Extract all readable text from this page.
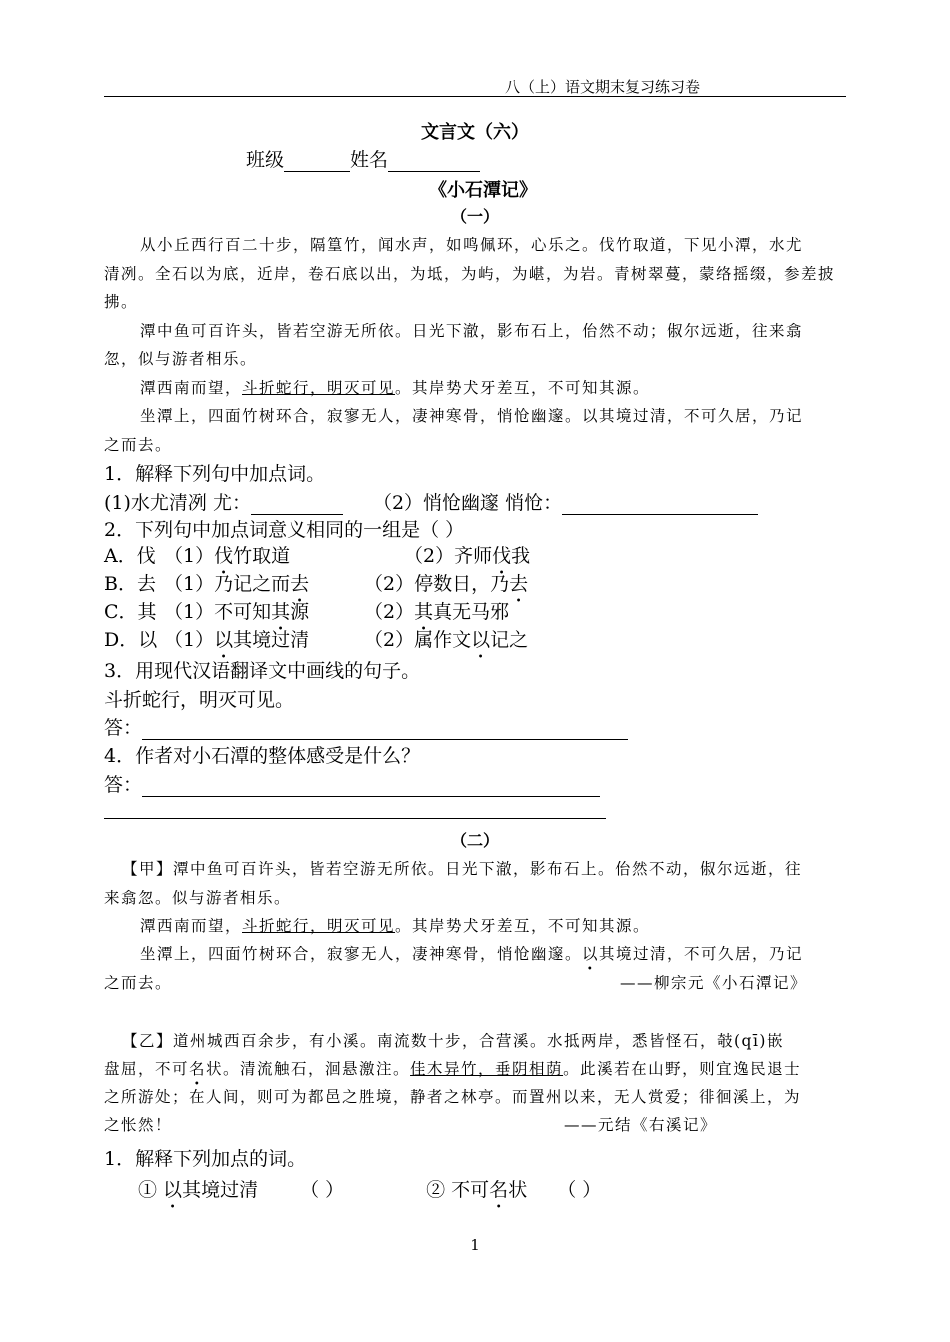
八（上）语文期末复习练习卷
文言文（六）
班级	姓名
《小石潭记》
（一）
从小丘西行百二十步，隔篁竹，闻水声，如鸣佩环，心乐之。伐竹取道，下见小潭，水尤
清冽。全石以为底，近岸，卷石底以出，为坻，为屿，为嵁，为岩。青树翠蔓，蒙络摇缀，参差披
拂。
潭中鱼可百许头，皆若空游无所依。日光下澈，影布石上，佁然不动；俶尔远逝，往来翕
忽，似与游者相乐。
潭西南而望，斗折蛇行，明灭可见。其岸势犬牙差互，不可知其源。
坐潭上，四面竹树环合，寂寥无人，凄神寒骨，悄怆幽邃。以其境过清，不可久居，乃记
之而去。
1．解释下列句中加点词。
(1)水尤清冽 尤：	（2）悄怆幽邃 悄怆：
2．下列句中加点词意义相同的一组是（ ）
A．伐 （1）伐竹取道	（2）齐师伐我
B．去 （1）乃记之而去	（2）停数日，乃去
C．其 （1）不可知其源	（2）其真无马邪
D．以 （1）以其境过清	（2）属作文以记之
3．用现代汉语翻译文中画线的句子。
斗折蛇行，明灭可见。
答：
4．作者对小石潭的整体感受是什么？
答：
（二）
【甲】潭中鱼可百许头，皆若空游无所依。日光下澈，影布石上。佁然不动，俶尔远逝，往
来翕忽。似与游者相乐。
潭西南而望，斗折蛇行，明灭可见。其岸势犬牙差互，不可知其源。
坐潭上，四面竹树环合，寂寥无人，凄神寒骨，悄怆幽邃。以其境过清，不可久居，乃记
之而去。	——柳宗元《小石潭记》
【乙】道州城西百余步，有小溪。南流数十步，合营溪。水抵两岸，悉皆怪石，攲(qī)嵌
盘屈，不可名状。清流触石，洄悬激注。佳木异竹，垂阴相荫。此溪若在山野，则宜逸民退士
之所游处；在人间，则可为都邑之胜境，静者之林亭。而置州以来，无人赏爱；徘徊溪上，为
之怅然！	——元结《右溪记》
1．解释下列加点的词。
① 以其境过清 （ ）	② 不可名状 （ ）
1
